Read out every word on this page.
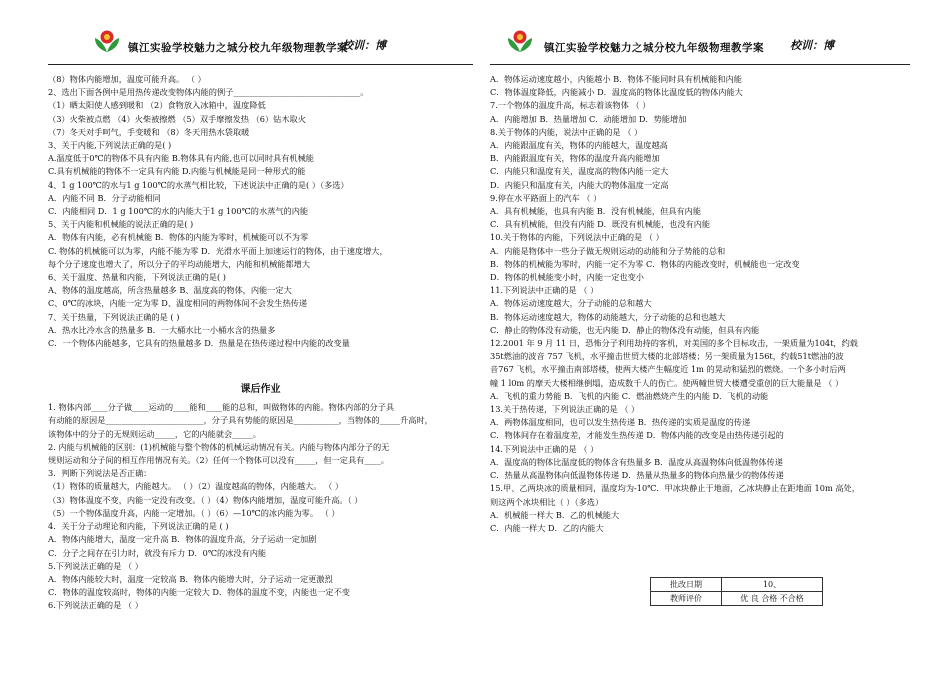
镇江实验学校魅力之城分校九年级物理教学案
校训：博
（8）物体内能增加，温度可能升高。 （ ）
2、选出下面各例中是用热传递改变物体内能的例子_______________________________。
（1）晒太阳使人感到暖和 （2）食物放入冰箱中，温度降低
（3）火柴被点燃 （4）火柴被擦燃 （5）双手摩擦发热 （6）钻木取火
（7）冬天对手呵气，手变暖和 （8）冬天用热水袋取暖
3、关于内能,下列说法正确的是( )
A.温度低于0℃的物体不具有内能 B.物体具有内能,也可以同时具有机械能
C.具有机械能的物体不一定具有内能 D.内能与机械能是同一种形式的能
4、1 g 100℃的水与1 g 100℃的水蒸气相比较，下述说法中正确的是( ）（多选）
A．内能不同 B．分子动能相同
C．内能相同 D．1 g 100℃的水的内能大于1 g 100℃的水蒸气的内能
5、关于内能和机械能的说法正确的是( )
A．物体有内能，必有机械能 B．物体的内能为零时，机械能可以不为零
C. 物体的机械能可以为零，内能不能为零 D．光滑水平面上加速运行的物体，由于速度增大，
每个分子速度也增大了，所以分子的平均动能增大，内能和机械能都增大
6、关于温度、热量和内能，下列说法正确的是( )
A、物体的温度越高，所含热量越多 B、温度高的物体，内能一定大
C、0℃的冰块，内能一定为零 D、温度相同的两物体间不会发生热传递
7、关于热量，下列说法正确的是 ( )
A．热水比冷水含的热量多 B．一大桶水比一小桶水含的热量多
C．一个物体内能越多，它具有的热量越多 D．热量是在热传递过程中内能的改变量
课后作业
1. 物体内部____分子做____运动的____能和____能的总和，叫做物体的内能。物体内部的分子具
有动能的原因是________________________，分子具有势能的原因是___________，当物体的_____升高时，
该物体中的分子的无规则运动_____，它的内能就会_____。
2. 内能与机械能的区别：(1)机械能与整个物体的机械运动情况有关。内能与物体内部分子的无
规则运动和分子间的相互作用情况有关。（2）任何一个物体可以没有_____，但一定具有____。
3．判断下列说法是否正确：
（1）物体的质量越大，内能越大。 （ ）（2）温度越高的物体，内能越大。 （ ）
（3）物体温度不变，内能一定没有改变。（ ）（4）物体内能增加，温度可能升高。（ ）
（5）一个物体温度升高，内能一定增加。（ ）（6）—10℃的冰内能为零。 （ ）
4．关于分子动理论和内能，下列说法正确的是 ( )
A．物体内能增大，温度一定升高 B．物体的温度升高，分子运动一定加剧
C．分子之间存在引力时，就没有斥力 D．0℃的冰没有内能
5.下列说法正确的是 （ ）
A．物体内能较大时，温度一定较高 B．物体内能增大时，分子运动一定更激烈
C．物体的温度较高时，物体的内能一定较大 D．物体的温度不变，内能也一定不变
6.下列说法正确的是 （ ）
镇江实验学校魅力之城分校九年级物理教学案 校训：博
A．物体运动速度越小，内能越小 B．物体不能同时具有机械能和内能
C．物体温度降低，内能减小 D．温度高的物体比温度低的物体内能大
7.一个物体的温度升高，标志着该物体 （ ）
A．内能增加 B．热量增加 C．动能增加 D．势能增加
8.关于物体的内能，说法中正确的是 （ ）
A．内能跟温度有关，物体的内能越大，温度越高
B．内能跟温度有关，物体的温度升高内能增加
C．内能只和温度有关，温度高的物体内能一定大
D．内能只和温度有关，内能大的物体温度一定高
9.停在水平路面上的汽车 （ ）
A．具有机械能，也具有内能 B．没有机械能，但具有内能
C．具有机械能，但没有内能 D．既没有机械能，也没有内能
10.关于物体的内能，下列说法中正确的是 （ ）
A．内能是物体中一些分子做无规则运动的动能和分子势能的总和
B．物体的机械能为零时，内能一定不为零 C．物体的内能改变时，机械能也一定改变
D．物体的机械能变小时，内能一定也变小
11.下列说法中正确的是 （ ）
A．物体运动速度越大，分子动能的总和越大
B．物体运动速度越大，物体的动能越大，分子动能的总和也越大
C．静止的物体没有动能，也无内能 D．静止的物体没有动能，但具有内能
12.2001 年 9 月 11 日，恐怖分子利用劫持的客机，对美国的多个目标攻击，一架质量为104t，约载
35t燃油的波音 757 飞机，水平撞击世贸大楼的北部塔楼；另一架质量为156t，约载51t燃油的波
音767 飞机，水平撞击南部塔楼，使两大楼产生幅度近 1m 的晃动和猛烈的燃烧。一个多小时后两
幢 1 l0m 的摩天大楼相继倒塌，造成数千人的伤亡。使两幢世贸大楼遭受重创的巨大能量是 （ ）
A．飞机的重力势能 B．飞机的内能 C．燃油燃烧产生的内能 D．飞机的动能
13.关于热传递，下列说法正确的是 （ ）
A．两物体温度相同，也可以发生热传递 B．热传递的实质是温度的传递
C．物体间存在着温度差，才能发生热传递 D．物体内能的改变是由热传递引起的
14.下列说法中正确的是 （ ）
A．温度高的物体比温度低的物体含有热量多 B．温度从高温物体向低温物体传递
C．热量从高温物体向低温物体传递 D．热量从热量多的物体向热量少的物体传递
15.甲、乙两块冰的质量相同，温度均为-10℃．甲冰块静止于地面，乙冰块静止在距地面 10m 高处，
则这两个冰块相比（ ）（多选）
A．机械能一样大 B．乙的机械能大
C．内能一样大 D．乙的内能大
批改日期	10、
教师评价	优 良 合格 不合格
